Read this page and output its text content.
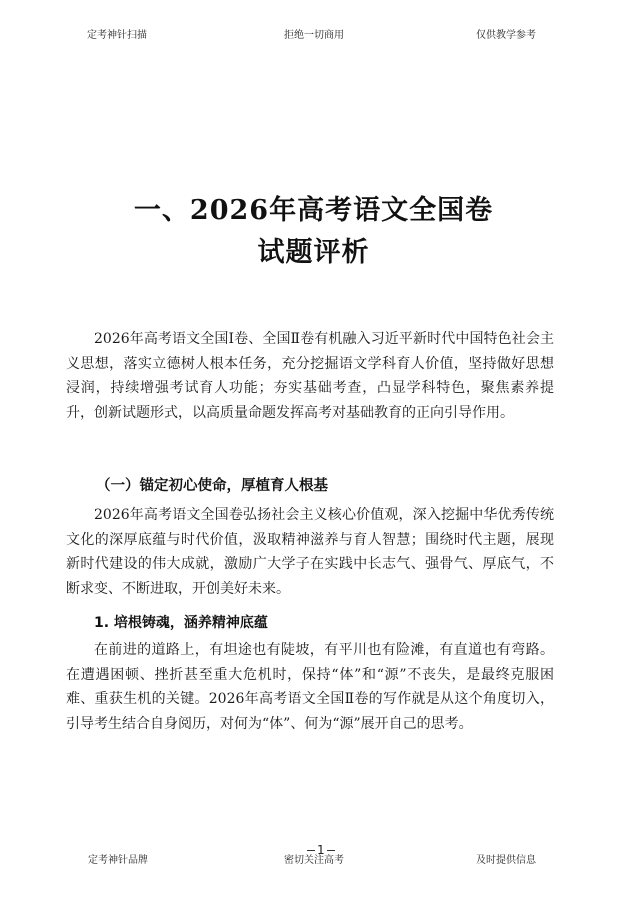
定考神针扫描	拒绝一切商用	仅供教学参考
一、2026年高考语文全国卷
试题评析
2026年高考语文全国Ⅰ卷、全国Ⅱ卷有机融入习近平新时代中国特色社会主义思想，落实立德树人根本任务，充分挖掘语文学科育人价值，坚持做好思想浸润，持续增强考试育人功能；夯实基础考查，凸显学科特色，聚焦素养提升，创新试题形式，以高质量命题发挥高考对基础教育的正向引导作用。
（一）锚定初心使命，厚植育人根基
2026年高考语文全国卷弘扬社会主义核心价值观，深入挖掘中华优秀传统文化的深厚底蕴与时代价值，汲取精神滋养与育人智慧；围绕时代主题，展现新时代建设的伟大成就，激励广大学子在实践中长志气、强骨气、厚底气，不断求变、不断进取，开创美好未来。
1. 培根铸魂，涵养精神底蕴
在前进的道路上，有坦途也有陡坡，有平川也有险滩，有直道也有弯路。在遭遇困顿、挫折甚至重大危机时，保持“体”和“源”不丧失，是最终克服困难、重获生机的关键。2026年高考语文全国Ⅱ卷的写作就是从这个角度切入，引导考生结合自身阅历，对何为“体”、何为“源”展开自己的思考。
1
定考神针品牌	密切关注高考	及时提供信息
